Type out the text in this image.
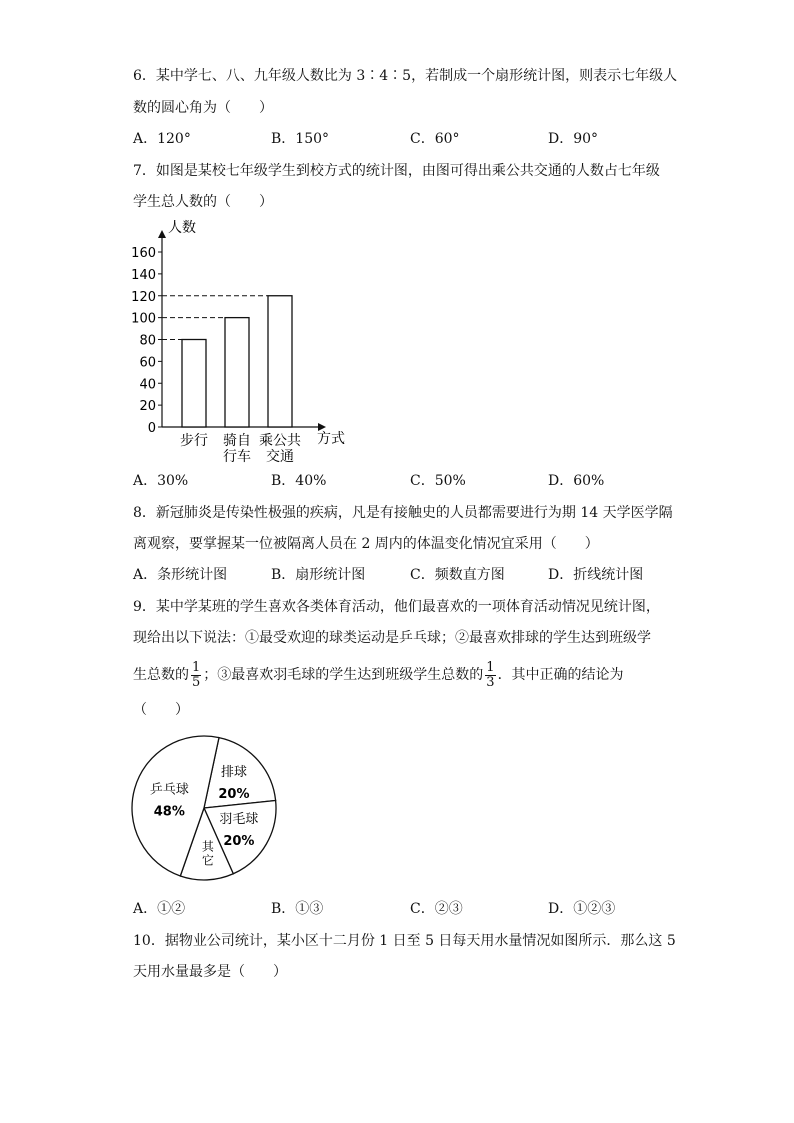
6．某中学七、八、九年级人数比为 3∶4∶5，若制成一个扇形统计图，则表示七年级人
数的圆心角为（　　）
A．120°	B．150°	C．60°	D．90°
7．如图是某校七年级学生到校方式的统计图，由图可得出乘公共交通的人数占七年级
学生总人数的（　　）
0
20
40
60
80
100
120
140
160
步行 骑自行车
乘公共交通
人数
方式
A．30%	B．40%	C．50%	D．60%
8．新冠肺炎是传染性极强的疾病，凡是有接触史的人员都需要进行为期 14 天学医学隔
离观察，要掌握某一位被隔离人员在 2 周内的体温变化情况宜采用（　　）
A．条形统计图	B．扇形统计图	C．频数直方图	D．折线统计图
9．某中学某班的学生喜欢各类体育活动，他们最喜欢的一项体育活动情况见统计图，
现给出以下说法：①最受欢迎的球类运动是乒乓球；②最喜欢排球的学生达到班级学
生总数的 $\frac{1}{5}$ ；③最喜欢羽毛球的学生达到班级学生总数的 $\frac{1}{3}$ ．其中正确的结论为
（　　）
排球
20%
羽毛球
20%
其
它
乒乓球
48%
A．①②	B．①③	C．②③	D．①②③
10．据物业公司统计，某小区十二月份 1 日至 5 日每天用水量情况如图所示．那么这 5
天用水量最多是（　　）
